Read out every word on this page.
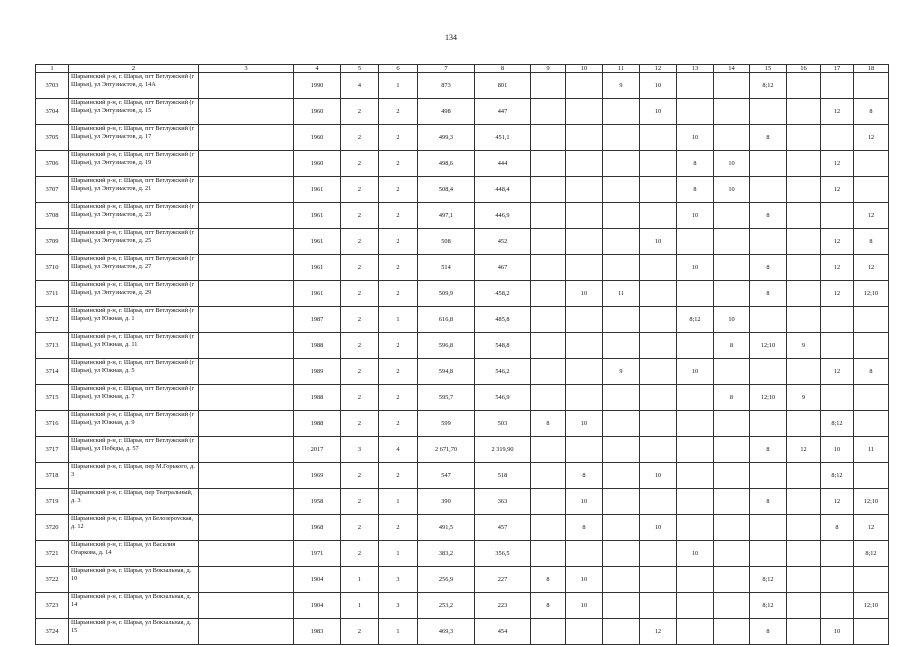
134
1	2	3	4	5	6	7	8	9	10	11	12	13	14	15	16	17	18
3703	Шарьинский р-н, г. Шарья, пгт Ветлужский (г Шарья), ул Энтузиастов, д. 14А		1990	4	1	873	801			9	10			8;12			
3704	Шарьинский р-н, г. Шарья, пгт Ветлужский (г Шарья), ул Энтузиастов, д. 15		1960	2	2	498	447				10					12	8
3705	Шарьинский р-н, г. Шарья, пгт Ветлужский (г Шарья), ул Энтузиастов, д. 17		1960	2	2	499,3	451,1					10		8			12
3706	Шарьинский р-н, г. Шарья, пгт Ветлужский (г Шарья), ул Энтузиастов, д. 19		1960	2	2	498,6	444					8	10			12	
3707	Шарьинский р-н, г. Шарья, пгт Ветлужский (г Шарья), ул Энтузиастов, д. 21		1961	2	2	508,4	448,4					8	10			12	
3708	Шарьинский р-н, г. Шарья, пгт Ветлужский (г Шарья), ул Энтузиастов, д. 23		1961	2	2	497,1	446,9					10		8			12
3709	Шарьинский р-н, г. Шарья, пгт Ветлужский (г Шарья), ул Энтузиастов, д. 25		1961	2	2	508	452				10					12	8
3710	Шарьинский р-н, г. Шарья, пгт Ветлужский (г Шарья), ул Энтузиастов, д. 27		1961	2	2	514	467					10		8		12	12
3711	Шарьинский р-н, г. Шарья, пгт Ветлужский (г Шарья), ул Энтузиастов, д. 29		1961	2	2	509,9	458,2		10	11				8		12	12;10
3712	Шарьинский р-н, г. Шарья, пгт Ветлужский (г Шарья), ул Южная, д. 1		1987	2	1	616,8	485,8					8;12	10				
3713	Шарьинский р-н, г. Шарья, пгт Ветлужский (г Шарья), ул Южная, д. 11		1988	2	2	596,8	548,8						8	12;10	9		
3714	Шарьинский р-н, г. Шарья, пгт Ветлужский (г Шарья), ул Южная, д. 5		1989	2	2	594,8	546,2			9		10				12	8
3715	Шарьинский р-н, г. Шарья, пгт Ветлужский (г Шарья), ул Южная, д. 7		1988	2	2	595,7	546,9						8	12;10	9		
3716	Шарьинский р-н, г. Шарья, пгт Ветлужский (г Шарья), ул Южная, д. 9		1988	2	2	599	503	8	10							8;12	
3717	Шарьинский р-н, г. Шарья, пгт Ветлужский (г Шарья), ул Победы, д. 57		2017	3	4	2 671,70	2 319,90							8	12	10	11
3718	Шарьинский р-н, г. Шарья, пер М.Горького, д. 3		1969	2	2	547	518		8		10					8;12	
3719	Шарьинский р-н, г. Шарья, пер Театральный, д. 3		1958	2	1	390	363		10					8		12	12;10
3720	Шарьинский р-н, г. Шарья, ул Белозерovская, д. 12		1968	2	2	491,5	457		8		10					8	12
3721	Шарьинский р-н, г. Шарья, ул Василия Огаркова, д. 14		1971	2	1	383,2	356,5					10					8;12
3722	Шарьинский р-н, г. Шарья, ул Вокзальная, д. 10		1904	1	3	256,9	227	8	10					8;12			
3723	Шарьинский р-н, г. Шарья, ул Вокзальная, д. 14		1904	1	3	253,2	223	8	10					8;12			12;10
3724	Шарьинский р-н, г. Шарья, ул Вокзальная, д. 15		1983	2	1	469,3	454				12			8		10	
